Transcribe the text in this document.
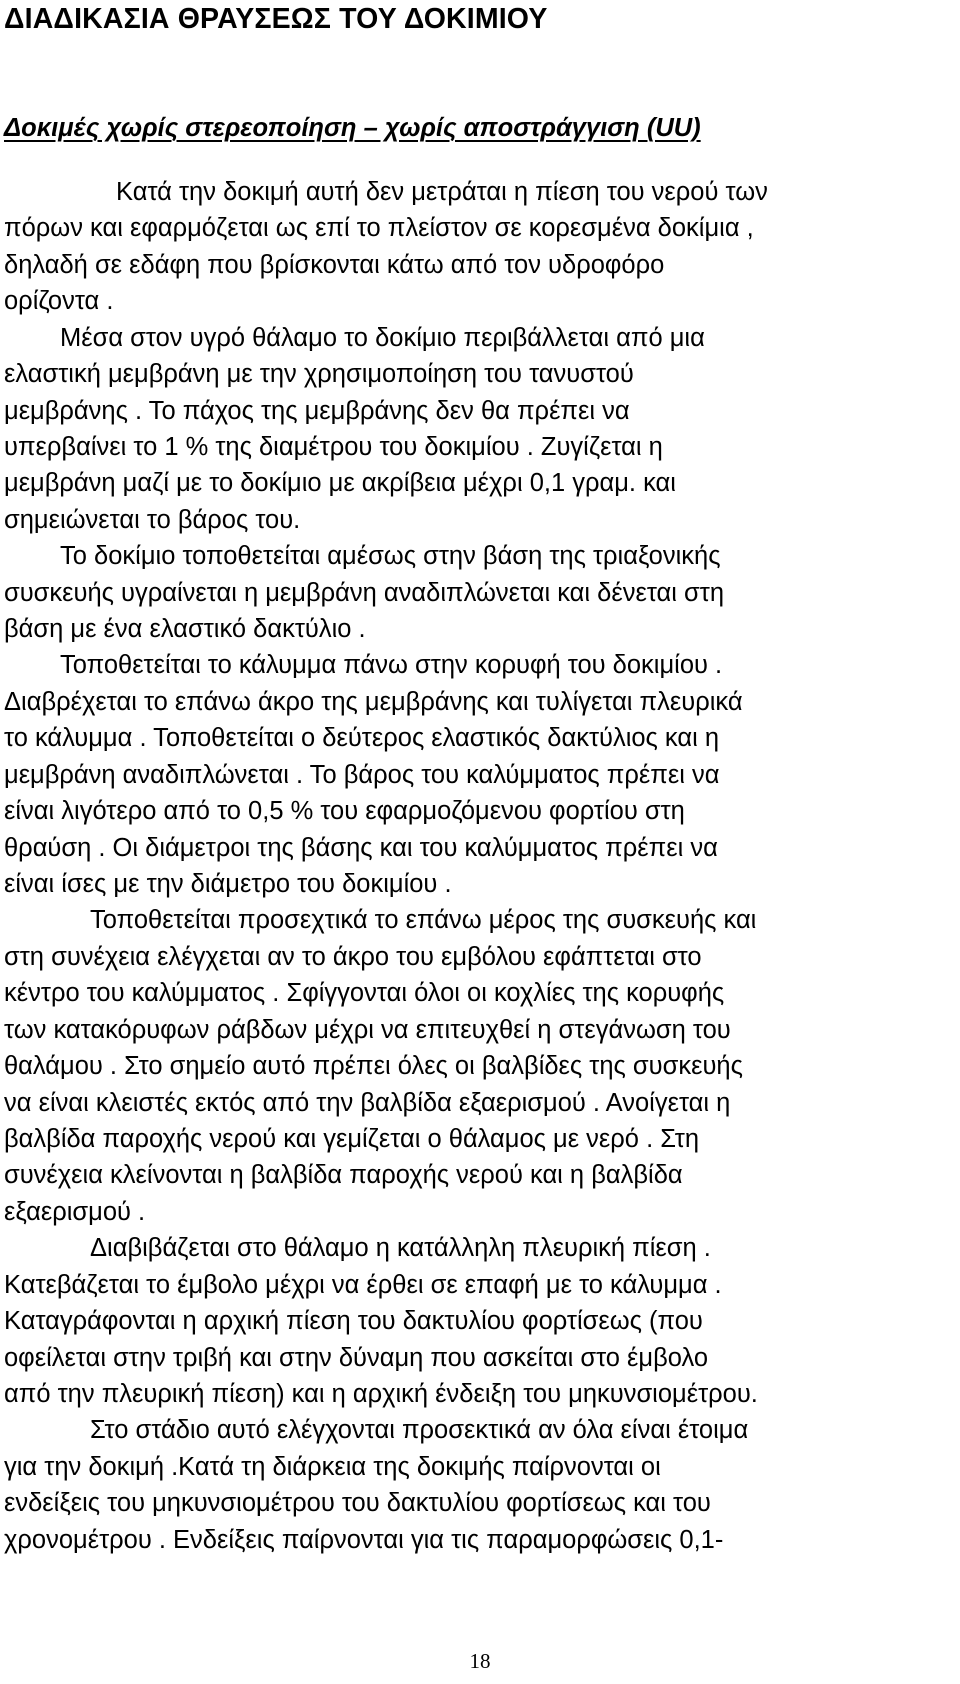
ΔΙΑΔΙΚΑΣΙΑ ΘΡΑΥΣΕΩΣ ΤΟΥ ΔΟΚΙΜΙΟΥ
Δοκιμές χωρίς στερεοποίηση – χωρίς αποστράγγιση (UU)

Κατά την δοκιμή αυτή δεν μετράται η πίεση του νερού των

πόρων και εφαρμόζεται ως επί το πλείστον σε κορεσμένα δοκίμια ,

δηλαδή σε εδάφη που βρίσκονται κάτω από τον υδροφόρο

ορίζοντα .

Μέσα στον υγρό θάλαμο το δοκίμιο περιβάλλεται από μια

ελαστική μεμβράνη με την χρησιμοποίηση του τανυστού

μεμβράνης . Το πάχος της μεμβράνης δεν θα πρέπει να

υπερβαίνει το 1 % της διαμέτρου του δοκιμίου . Ζυγίζεται η

μεμβράνη μαζί με το δοκίμιο με ακρίβεια μέχρι 0,1 γραμ. και

σημειώνεται το βάρος του.

Το δοκίμιο τοποθετείται αμέσως στην βάση της τριαξονικής

συσκευής υγραίνεται η μεμβράνη αναδιπλώνεται και δένεται στη

βάση με ένα ελαστικό δακτύλιο .

Τοποθετείται το κάλυμμα πάνω στην κορυφή του δοκιμίου .

Διαβρέχεται το επάνω άκρο της μεμβράνης και τυλίγεται πλευρικά

το κάλυμμα . Τοποθετείται ο δεύτερος ελαστικός δακτύλιος και η

μεμβράνη αναδιπλώνεται . Το βάρος του καλύμματος πρέπει να

είναι λιγότερο από το 0,5 % του εφαρμοζόμενου φορτίου στη

θραύση . Οι διάμετροι της βάσης και του καλύμματος πρέπει να

είναι ίσες με την διάμετρο του δοκιμίου .

Τοποθετείται προσεχτικά το επάνω μέρος της συσκευής και

στη συνέχεια ελέγχεται αν το άκρο του εμβόλου εφάπτεται στο

κέντρο του καλύμματος . Σφίγγονται όλοι οι κοχλίες της κορυφής

των κατακόρυφων ράβδων μέχρι να επιτευχθεί η στεγάνωση του

θαλάμου . Στο σημείο αυτό πρέπει όλες οι βαλβίδες της συσκευής

να είναι κλειστές εκτός από την βαλβίδα εξαερισμού . Ανοίγεται η

βαλβίδα παροχής νερού και γεμίζεται ο θάλαμος με νερό . Στη

συνέχεια κλείνονται η βαλβίδα παροχής νερού και η βαλβίδα

εξαερισμού .

Διαβιβάζεται στο θάλαμο η κατάλληλη πλευρική πίεση .

Κατεβάζεται το έμβολο μέχρι να έρθει σε επαφή με το κάλυμμα .

Καταγράφονται η αρχική πίεση του δακτυλίου φορτίσεως (που

οφείλεται στην τριβή και στην δύναμη που ασκείται στο έμβολο

από την πλευρική πίεση) και η αρχική ένδειξη του μηκυνσιομέτρου.

Στο στάδιο αυτό ελέγχονται προσεκτικά αν όλα είναι έτοιμα

για την δοκιμή .Κατά τη διάρκεια της δοκιμής παίρνονται οι

ενδείξεις του μηκυνσιομέτρου του δακτυλίου φορτίσεως και του

χρονομέτρου . Ενδείξεις παίρνονται για τις παραμορφώσεις 0,1-

18
